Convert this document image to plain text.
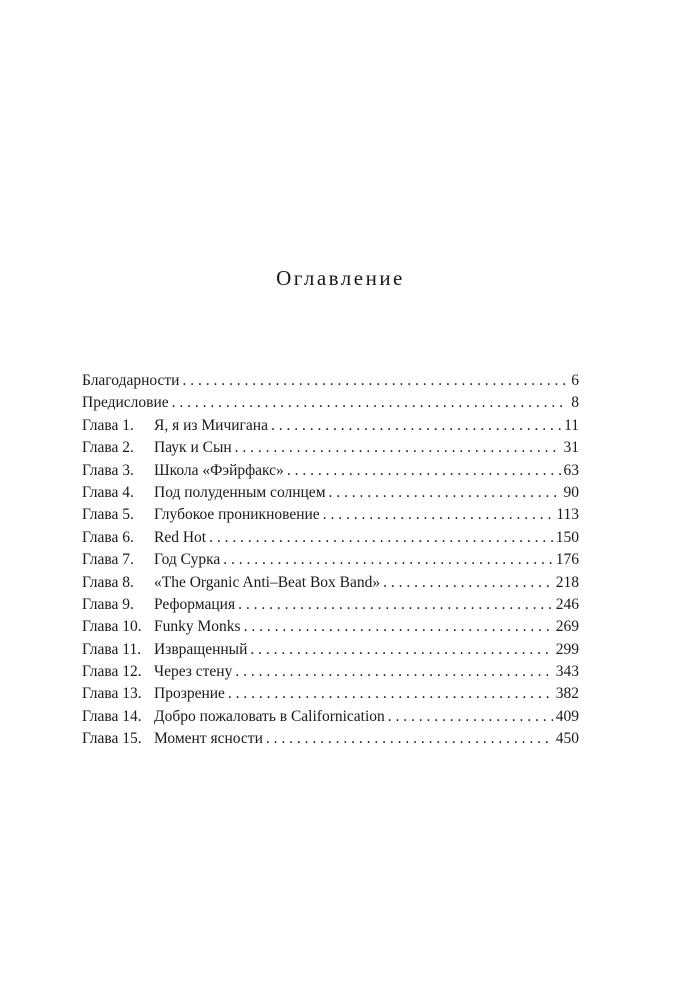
Оглавление
Благодарности . . .	6
Предисловие . . .	8
Глава 1.	Я, я из Мичигана . . .	11
Глава 2.	Паук и Сын . . .	31
Глава 3.	Школа «Фэйрфакс» . . .	63
Глава 4.	Под полуденным солнцем . . .	90
Глава 5.	Глубокое проникновение . . .	113
Глава 6.	Red Hot . . .	150
Глава 7.	Год Сурка . . .	176
Глава 8.	«The Organic Anti–Beat Box Band» . . .	218
Глава 9.	Реформация . . .	246
Глава 10. Funky Monks . . .	269
Глава 11. Извращенный . . .	299
Глава 12. Через стену . . .	343
Глава 13. Прозрение . . .	382
Глава 14. Добро пожаловать в Californication . . .	409
Глава 15. Момент ясности . . .	450
